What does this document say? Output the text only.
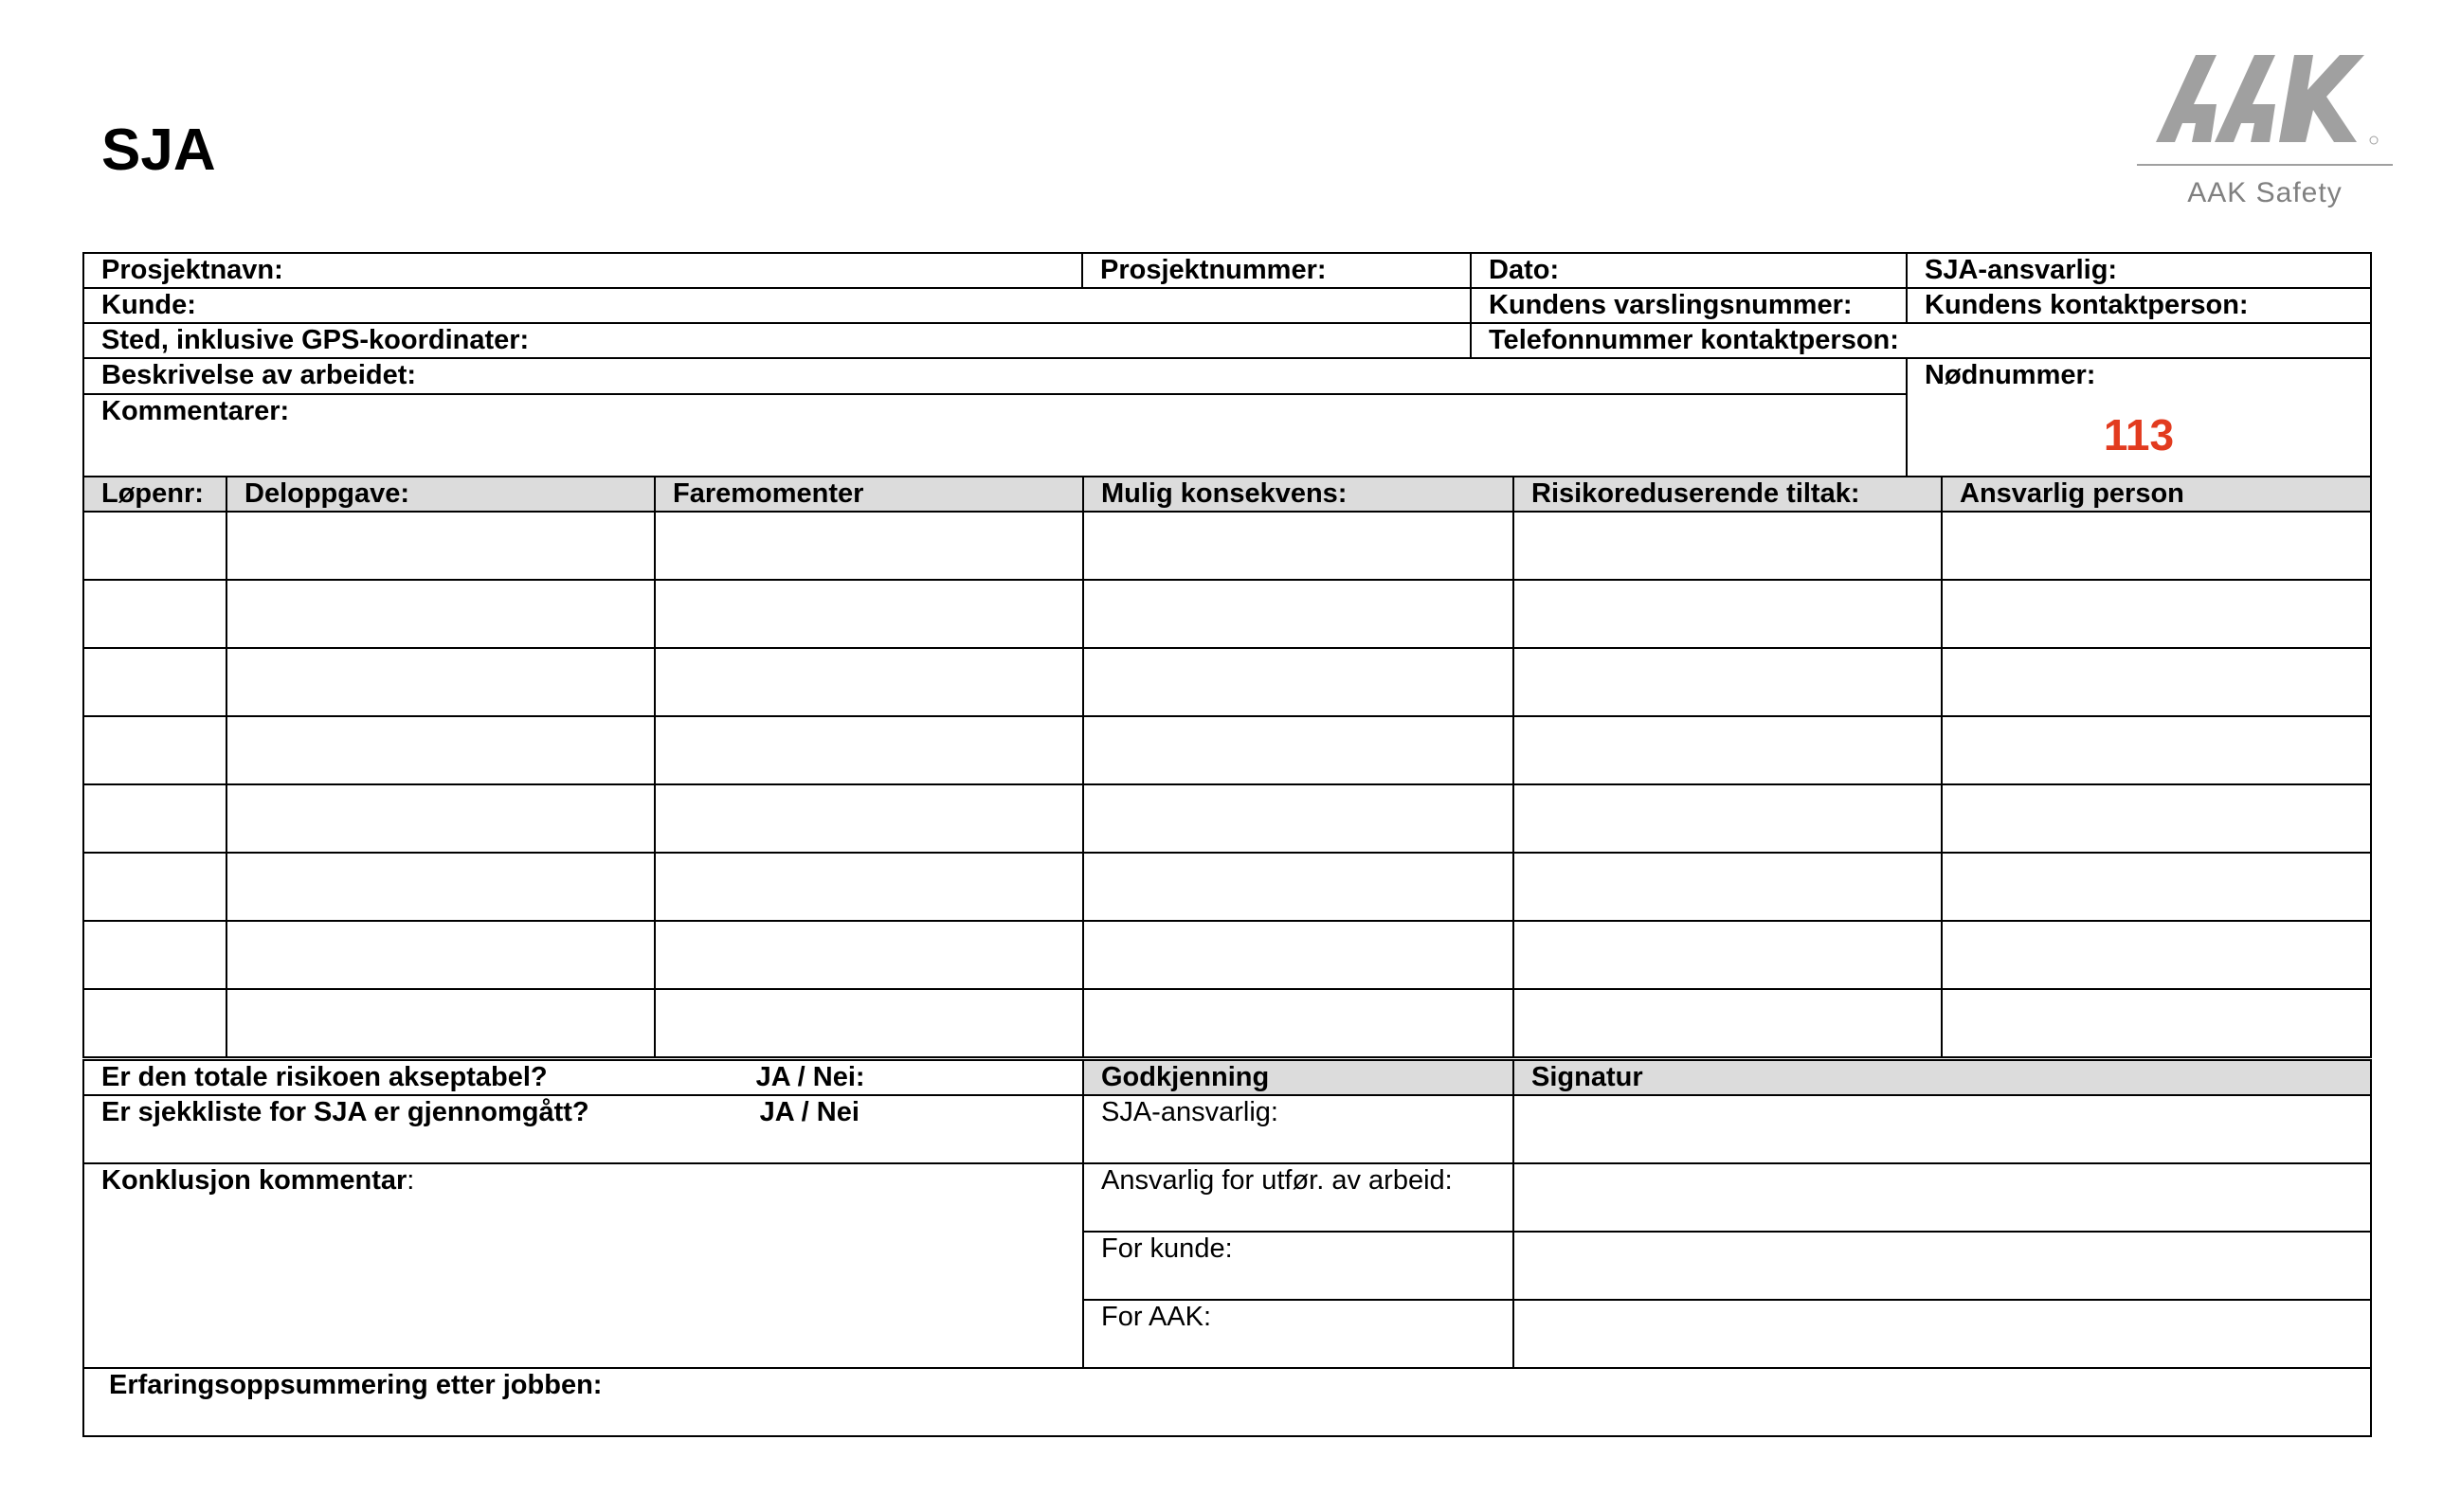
SJA
AAK Safety
Prosjektnavn:	Prosjektnummer:	Dato:	SJA-ansvarlig:
Kunde:		Kundens varslingsnummer:	Kundens kontaktperson:
Sted, inklusive GPS-koordinater:		Telefonnummer kontaktperson:	
Beskrivelse av arbeidet:			Nødnummer:
113

Kommentarer:			
Løpenr:	Deloppgave:	Faremomenter	Mulig konsekvens:	Risikoreduserende tiltak:	Ansvarlig person

Er den totale risikoen akseptabel? JA / Nei:	Godkjenning	Signatur
Er sjekkliste for SJA er gjennomgått? JA / Nei	SJA-ansvarlig:	
Konklusjon kommentar:	Ansvarlig for utfør. av arbeid:	
	For kunde:	
	For AAK:	
Erfaringsoppsummering etter jobben:		
